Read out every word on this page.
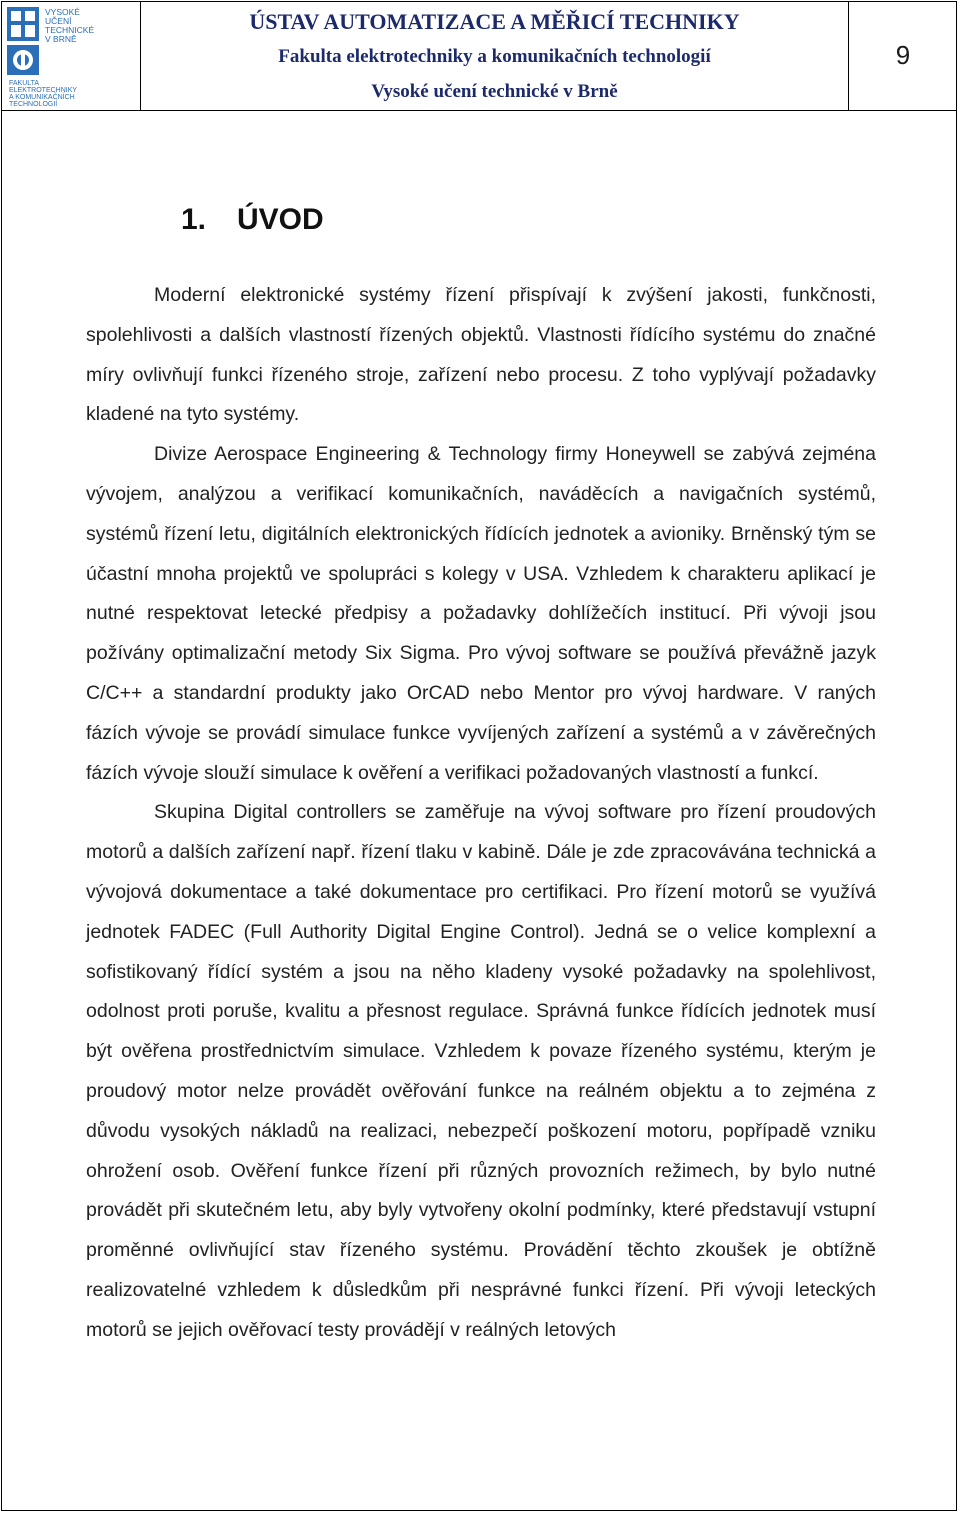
VYSOKÉ
UČENÍ
TECHNICKÉ
V BRNĚ
FAKULTA
ELEKTROTECHNIKY
A KOMUNIKAČNÍCH
TECHNOLOGIÍ
ÚSTAV AUTOMATIZACE A MĚŘICÍ TECHNIKY
Fakulta elektrotechniky a komunikačních technologií
Vysoké učení technické v Brně
9
1. ÚVOD

Moderní elektronické systémy řízení přispívají k zvýšení jakosti, funkčnosti, spolehlivosti a dalších vlastností řízených objektů. Vlastnosti řídícího systému do značné míry ovlivňují funkci řízeného stroje, zařízení nebo procesu. Z toho vyplývají požadavky kladené na tyto systémy.

Divize Aerospace Engineering & Technology firmy Honeywell se zabývá zejména vývojem, analýzou a verifikací komunikačních, naváděcích a navigačních systémů, systémů řízení letu, digitálních elektronických řídících jednotek a avioniky. Brněnský tým se účastní mnoha projektů ve spolupráci s kolegy v USA. Vzhledem k charakteru aplikací je nutné respektovat letecké předpisy a požadavky dohlížečích institucí. Při vývoji jsou požívány optimalizační metody Six Sigma. Pro vývoj software se používá převážně jazyk C/C++ a standardní produkty jako OrCAD nebo Mentor pro vývoj hardware. V raných fázích vývoje se provádí simulace funkce vyvíjených zařízení a systémů a v závěrečných fázích vývoje slouží simulace k ověření a verifikaci požadovaných vlastností a funkcí.

Skupina Digital controllers se zaměřuje na vývoj software pro řízení proudových motorů a dalších zařízení např. řízení tlaku v kabině. Dále je zde zpracovávána technická a vývojová dokumentace a také dokumentace pro certifikaci. Pro řízení motorů se využívá jednotek FADEC (Full Authority Digital Engine Control). Jedná se o velice komplexní a sofistikovaný řídící systém a jsou na něho kladeny vysoké požadavky na spolehlivost, odolnost proti poruše, kvalitu a přesnost regulace. Správná funkce řídících jednotek musí být ověřena prostřednictvím simulace. Vzhledem k povaze řízeného systému, kterým je proudový motor nelze provádět ověřování funkce na reálném objektu a to zejména z důvodu vysokých nákladů na realizaci, nebezpečí poškození motoru, popřípadě vzniku ohrožení osob. Ověření funkce řízení při různých provozních režimech, by bylo nutné provádět při skutečném letu, aby byly vytvořeny okolní podmínky, které představují vstupní proměnné ovlivňující stav řízeného systému. Provádění těchto zkoušek je obtížně realizovatelné vzhledem k důsledkům při nesprávné funkci řízení. Při vývoji leteckých motorů se jejich ověřovací testy provádějí v reálných letových
